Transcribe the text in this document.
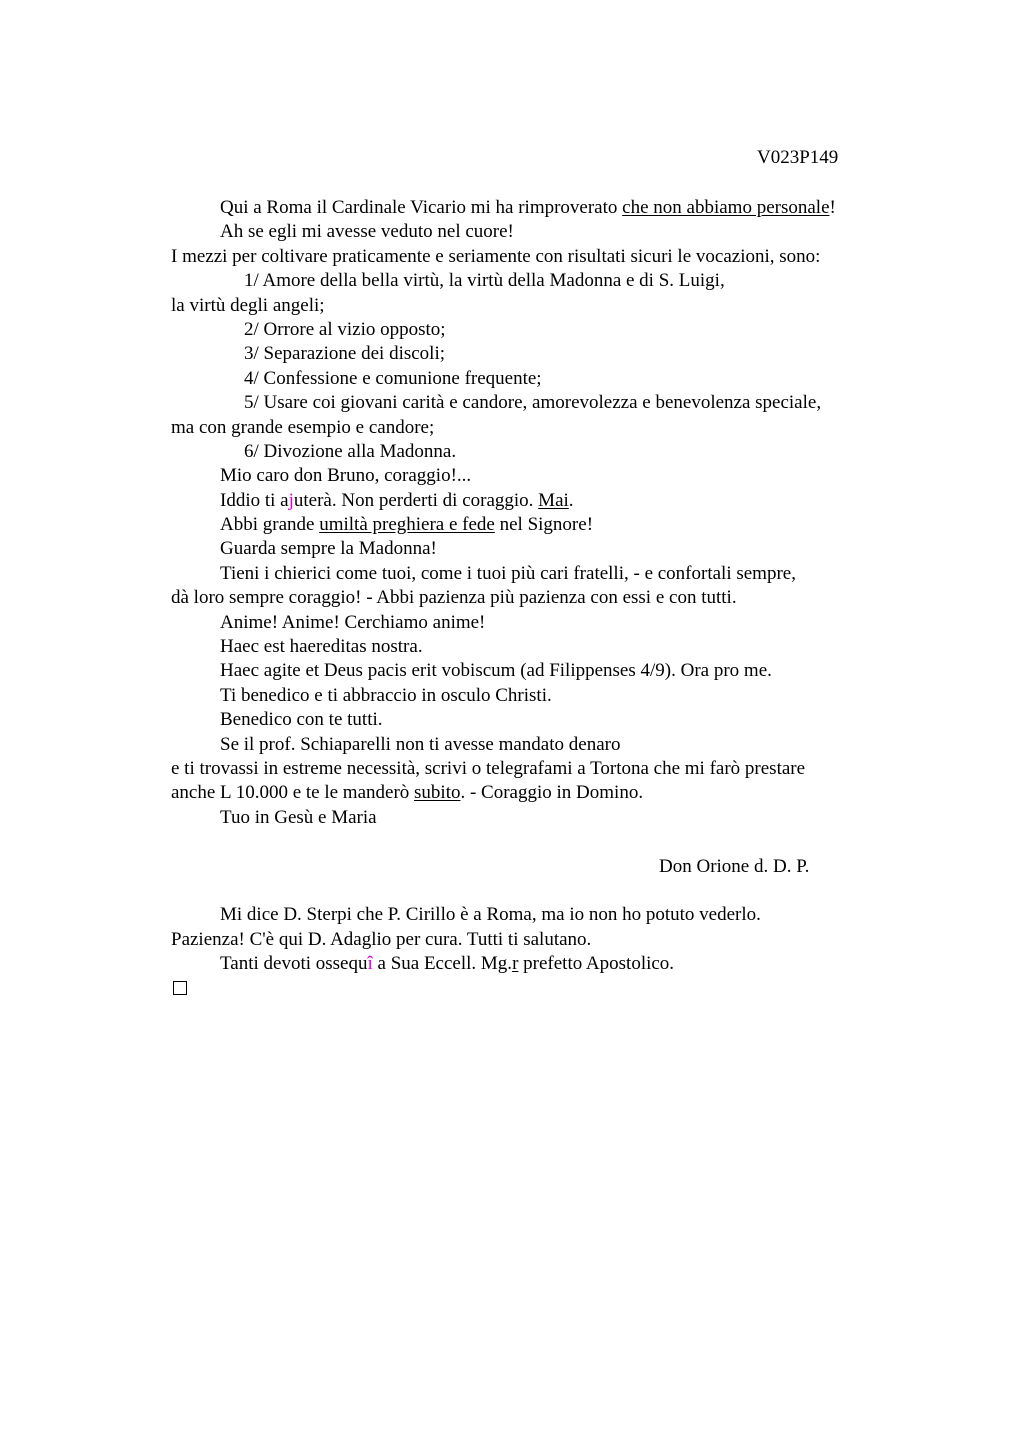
V023P149
Qui a Roma il Cardinale Vicario mi ha rimproverato che non abbiamo personale!
Ah se egli mi avesse veduto nel cuore!
I mezzi per coltivare praticamente e seriamente con risultati sicuri le vocazioni, sono:
1/ Amore della bella virtù, la virtù della Madonna e di S. Luigi,
la virtù degli angeli;
2/ Orrore al vizio opposto;
3/ Separazione dei discoli;
4/ Confessione e comunione frequente;
5/ Usare coi giovani carità e candore, amorevolezza e benevolenza speciale,
ma con grande esempio e candore;
6/ Divozione alla Madonna.
Mio caro don Bruno, coraggio!...
Iddio ti ajuterà. Non perderti di coraggio. Mai.
Abbi grande umiltà preghiera e fede nel Signore!
Guarda sempre la Madonna!
Tieni i chierici come tuoi, come i tuoi più cari fratelli, - e confortali sempre,
dà loro sempre coraggio! - Abbi pazienza più pazienza con essi e con tutti.
Anime! Anime! Cerchiamo anime!
Haec est haereditas nostra.
Haec agite et Deus pacis erit vobiscum (ad Filippenses 4/9). Ora pro me.
Ti benedico e ti abbraccio in osculo Christi.
Benedico con te tutti.
Se il prof. Schiaparelli non ti avesse mandato denaro
e ti trovassi in estreme necessità, scrivi o telegrafami a Tortona che mi farò prestare
anche L 10.000 e te le manderò subito. - Coraggio in Domino.
Tuo in Gesù e Maria
Don Orione d. D. P.
Mi dice D. Sterpi che P. Cirillo è a Roma, ma io non ho potuto vederlo.
Pazienza! C'è qui D. Adaglio per cura. Tutti ti salutano.
Tanti devoti ossequî a Sua Eccell. Mg.r prefetto Apostolico.
